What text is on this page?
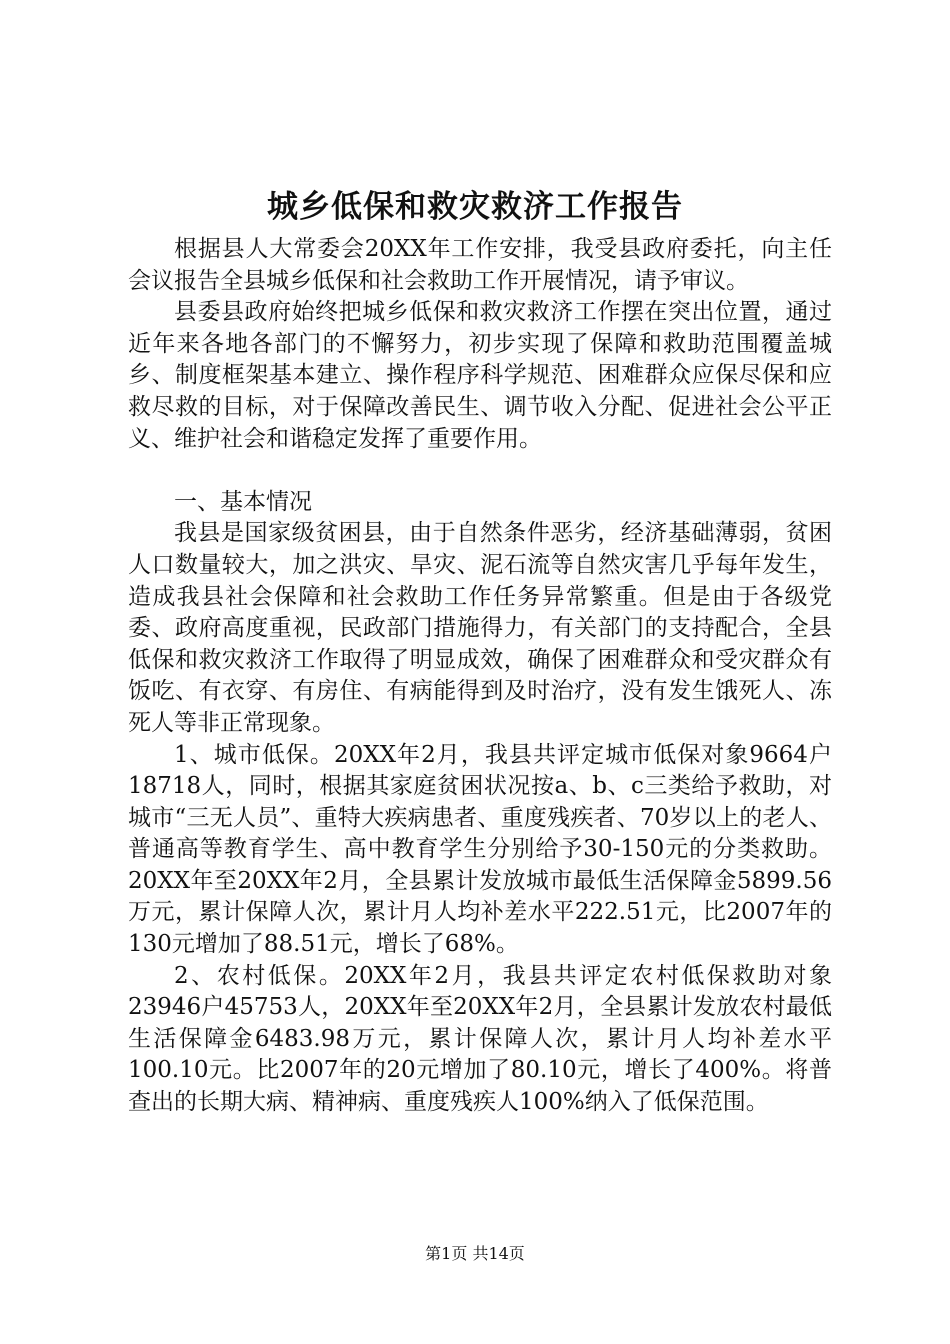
城乡低保和救灾救济工作报告

根据县人大常委会20XX年工作安排，我受县政府委托，向主任会议报告全县城乡低保和社会救助工作开展情况，请予审议。

县委县政府始终把城乡低保和救灾救济工作摆在突出位置，通过近年来各地各部门的不懈努力，初步实现了保障和救助范围覆盖城乡、制度框架基本建立、操作程序科学规范、困难群众应保尽保和应救尽救的目标，对于保障改善民生、调节收入分配、促进社会公平正义、维护社会和谐稳定发挥了重要作用。

一、基本情况

我县是国家级贫困县，由于自然条件恶劣，经济基础薄弱，贫困人口数量较大，加之洪灾、旱灾、泥石流等自然灾害几乎每年发生，造成我县社会保障和社会救助工作任务异常繁重。但是由于各级党委、政府高度重视，民政部门措施得力，有关部门的支持配合，全县低保和救灾救济工作取得了明显成效，确保了困难群众和受灾群众有饭吃、有衣穿、有房住、有病能得到及时治疗，没有发生饿死人、冻死人等非正常现象。

1、城市低保。20XX年2月，我县共评定城市低保对象9664户18718人，同时，根据其家庭贫困状况按a、b、c三类给予救助，对城市“三无人员”、重特大疾病患者、重度残疾者、70岁以上的老人、普通高等教育学生、高中教育学生分别给予30-150元的分类救助。20XX年至20XX年2月，全县累计发放城市最低生活保障金5899.56万元，累计保障人次，累计月人均补差水平222.51元，比2007年的130元增加了88.51元，增长了68%。

2、农村低保。20XX年2月，我县共评定农村低保救助对象23946户45753人，20XX年至20XX年2月，全县累计发放农村最低生活保障金6483.98万元，累计保障人次，累计月人均补差水平100.10元。比2007年的20元增加了80.10元，增长了400%。将普查出的长期大病、精神病、重度残疾人100%纳入了低保范围。

第1页 共14页
